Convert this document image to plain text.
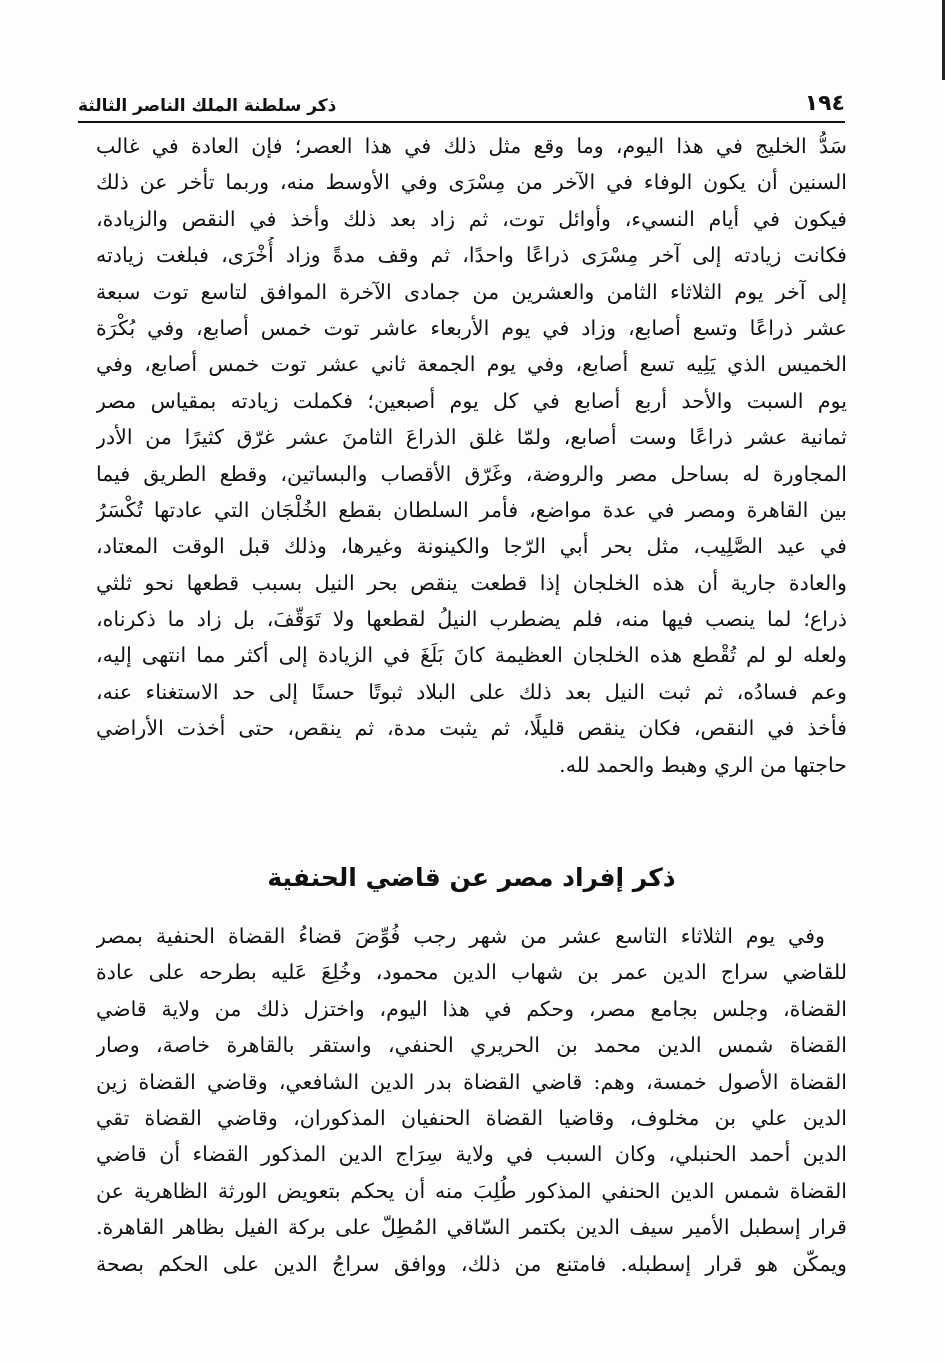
١٩٤
ذكر سلطنة الملك الناصر الثالثة
سَدُّ الخليج في هذا اليوم، وما وقع مثل ذلك في هذا العصر؛ فإن العادة في غالب
السنين أن يكون الوفاء في الآخر من مِسْرَى وفي الأوسط منه، وربما تأخر عن ذلك
فيكون في أيام النسيء، وأوائل توت، ثم زاد بعد ذلك وأخذ في النقص والزيادة،
فكانت زيادته إلى آخر مِسْرَى ذراعًا واحدًا، ثم وقف مدةً وزاد أُخْرَى، فبلغت زيادته
إلى آخر يوم الثلاثاء الثامن والعشرين من جمادى الآخرة الموافق لتاسع توت سبعة
عشر ذراعًا وتسع أصابع، وزاد في يوم الأربعاء عاشر توت خمس أصابع، وفي بُكْرَة
الخميس الذي يَلِيه تسع أصابع، وفي يوم الجمعة ثاني عشر توت خمس أصابع، وفي
يوم السبت والأحد أربع أصابع في كل يوم أصبعين؛ فكملت زيادته بمقياس مصر
ثمانية عشر ذراعًا وست أصابع، ولمّا غلق الذراعَ الثامنَ عشر غرّق كثيرًا من الأدر
المجاورة له بساحل مصر والروضة، وغَرّق الأقصاب والبساتين، وقطع الطريق فيما
بين القاهرة ومصر في عدة مواضع، فأمر السلطان بقطع الخُلْجَان التي عادتها تُكْسَرُ
في عيد الصَّلِيب، مثل بحر أبي الرّجا والكينونة وغيرها، وذلك قبل الوقت المعتاد،
والعادة جارية أن هذه الخلجان إذا قطعت ينقص بحر النيل بسبب قطعها نحو ثلثي
ذراع؛ لما ينصب فيها منه، فلم يضطرب النيلُ لقطعها ولا تَوَقّفَ، بل زاد ما ذكرناه،
ولعله لو لم تُقْطع هذه الخلجان العظيمة كانَ بَلَغَ في الزيادة إلى أكثر مما انتهى إليه،
وعم فسادُه، ثم ثبت النيل بعد ذلك على البلاد ثبوتًا حسنًا إلى حد الاستغناء عنه،
فأخذ في النقص، فكان ينقص قليلًا، ثم يثبت مدة، ثم ينقص، حتى أخذت الأراضي
حاجتها من الري وهبط والحمد لله.
ذكر إفراد مصر عن قاضي الحنفية
وفي يوم الثلاثاء التاسع عشر من شهر رجب فُوِّضَ قضاءُ القضاة الحنفية بمصر
للقاضي سراج الدين عمر بن شهاب الدين محمود، وخُلِعَ عَليه بطرحه على عادة
القضاة، وجلس بجامع مصر، وحكم في هذا اليوم، واختزل ذلك من ولاية قاضي
القضاة شمس الدين محمد بن الحريري الحنفي، واستقر بالقاهرة خاصة، وصار
القضاة الأصول خمسة، وهم: قاضي القضاة بدر الدين الشافعي، وقاضي القضاة زين
الدين علي بن مخلوف، وقاضيا القضاة الحنفيان المذكوران، وقاضي القضاة تقي
الدين أحمد الحنبلي، وكان السبب في ولاية سِرَاج الدين المذكور القضاء أن قاضي
القضاة شمس الدين الحنفي المذكور طُلِبَ منه أن يحكم بتعويض الورثة الظاهرية عن
قرار إسطبل الأمير سيف الدين بكتمر السّاقي المُطِلّ على بركة الفيل بظاهر القاهرة.
ويمكّن هو قرار إسطبله. فامتنع من ذلك، ووافق سراجُ الدين على الحكم بصحة
